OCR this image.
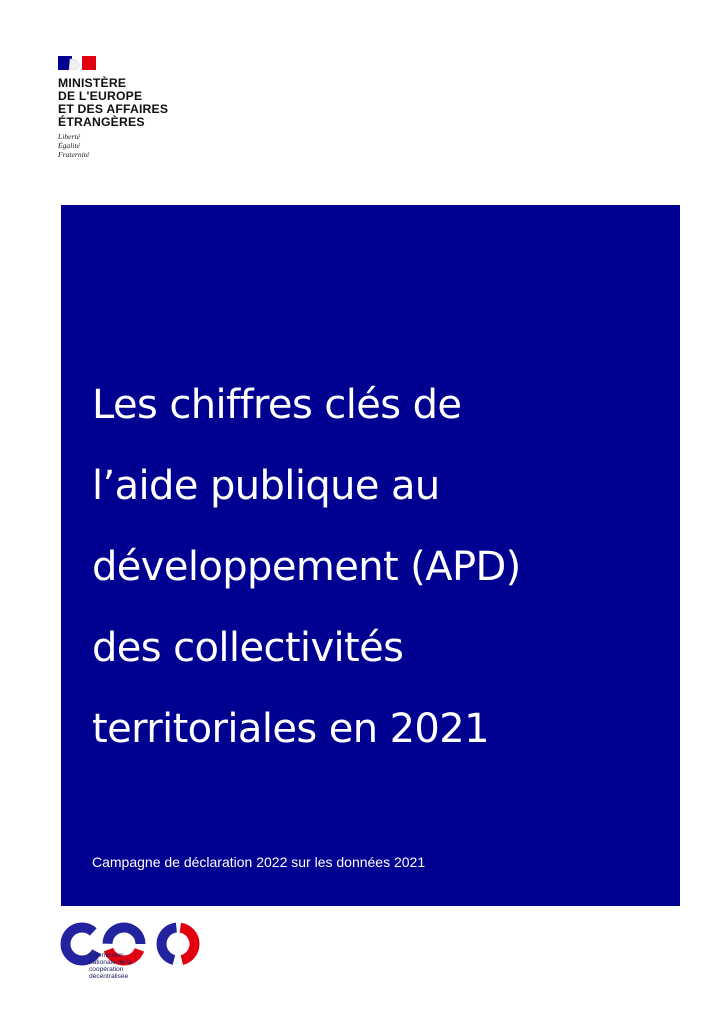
MINISTÈRE
DE L'EUROPE
ET DES AFFAIRES
ÉTRANGÈRES
Liberté
Égalité
Fraternité
Les chiffres clés de
l’aide publique au
développement (APD)
des collectivités
territoriales en 2021
Campagne de déclaration 2022 sur les données 2021
commission
nationale de la
coopération
décentralisée
